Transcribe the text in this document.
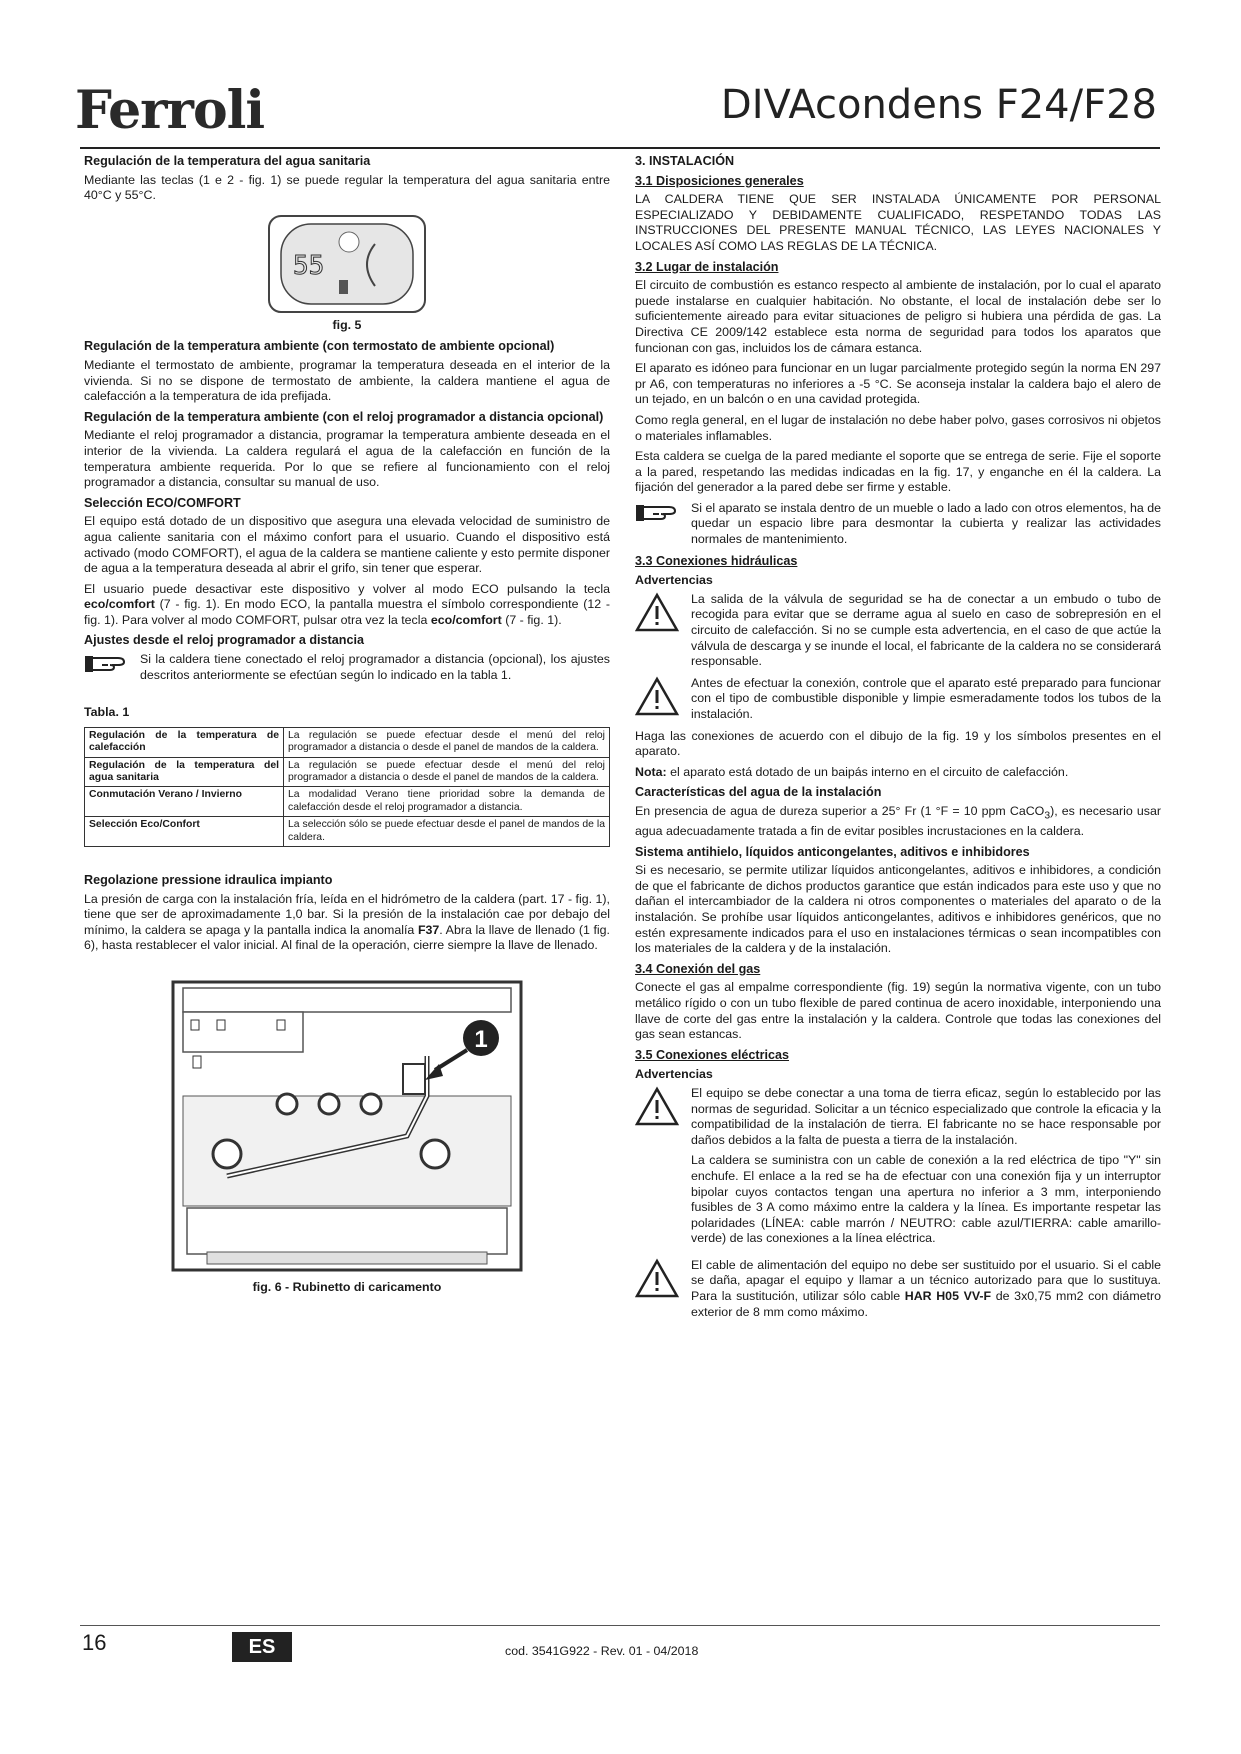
Ferroli	DIVAcondens F24/F28
Regulación de la temperatura del agua sanitaria

Mediante las teclas (1 e 2 - fig. 1) se puede regular la temperatura del agua sanitaria entre 40°C y 55°C.

55
fig. 5
Regulación de la temperatura ambiente (con termostato de ambiente opcional)

Mediante el termostato de ambiente, programar la temperatura deseada en el interior de la vivienda. Si no se dispone de termostato de ambiente, la caldera mantiene el agua de calefacción a la temperatura de ida prefijada.

Regulación de la temperatura ambiente (con el reloj programador a distancia opcional)

Mediante el reloj programador a distancia, programar la temperatura ambiente deseada en el interior de la vivienda. La caldera regulará el agua de la calefacción en función de la temperatura ambiente requerida. Por lo que se refiere al funcionamiento con el reloj programador a distancia, consultar su manual de uso.

Selección ECO/COMFORT

El equipo está dotado de un dispositivo que asegura una elevada velocidad de suministro de agua caliente sanitaria con el máximo confort para el usuario. Cuando el dispositivo está activado (modo COMFORT), el agua de la caldera se mantiene caliente y esto permite disponer de agua a la temperatura deseada al abrir el grifo, sin tener que esperar.

El usuario puede desactivar este dispositivo y volver al modo ECO pulsando la tecla eco/comfort (7 - fig. 1). En modo ECO, la pantalla muestra el símbolo correspondiente (12 - fig. 1). Para volver al modo COMFORT, pulsar otra vez la tecla eco/comfort (7 - fig. 1).

Ajustes desde el reloj programador a distancia
Si la caldera tiene conectado el reloj programador a distancia (opcional), los ajustes descritos anteriormente se efectúan según lo indicado en la tabla 1.
Tabla. 1
Regulación de la temperatura de calefacción	La regulación se puede efectuar desde el menú del reloj programador a distancia o desde el panel de mandos de la caldera.
Regulación de la temperatura del agua sanitaria	La regulación se puede efectuar desde el menú del reloj programador a distancia o desde el panel de mandos de la caldera.
Conmutación Verano / Invierno	La modalidad Verano tiene prioridad sobre la demanda de calefacción desde el reloj programador a distancia.
Selección Eco/Confort	La selección sólo se puede efectuar desde el panel de mandos de la caldera.
Regolazione pressione idraulica impianto

La presión de carga con la instalación fría, leída en el hidrómetro de la caldera (part. 17 - fig. 1), tiene que ser de aproximadamente 1,0 bar. Si la presión de la instalación cae por debajo del mínimo, la caldera se apaga y la pantalla indica la anomalía F37. Abra la llave de llenado (1 fig. 6), hasta restablecer el valor inicial. Al final de la operación, cierre siempre la llave de llenado.

1
fig. 6 - Rubinetto di caricamento
3. INSTALACIÓN
3.1 Disposiciones generales

LA CALDERA TIENE QUE SER INSTALADA ÚNICAMENTE POR PERSONAL ESPECIALIZADO Y DEBIDAMENTE CUALIFICADO, RESPETANDO TODAS LAS INSTRUCCIONES DEL PRESENTE MANUAL TÉCNICO, LAS LEYES NACIONALES Y LOCALES ASÍ COMO LAS REGLAS DE LA TÉCNICA.

3.2 Lugar de instalación

El circuito de combustión es estanco respecto al ambiente de instalación, por lo cual el aparato puede instalarse en cualquier habitación. No obstante, el local de instalación debe ser lo suficientemente aireado para evitar situaciones de peligro si hubiera una pérdida de gas. La Directiva CE 2009/142 establece esta norma de seguridad para todos los aparatos que funcionan con gas, incluidos los de cámara estanca.

El aparato es idóneo para funcionar en un lugar parcialmente protegido según la norma EN 297 pr A6, con temperaturas no inferiores a -5 °C. Se aconseja instalar la caldera bajo el alero de un tejado, en un balcón o en una cavidad protegida.

Como regla general, en el lugar de instalación no debe haber polvo, gases corrosivos ni objetos o materiales inflamables.

Esta caldera se cuelga de la pared mediante el soporte que se entrega de serie. Fije el soporte a la pared, respetando las medidas indicadas en la fig. 17, y enganche en él la caldera. La fijación del generador a la pared debe ser firme y estable.

Si el aparato se instala dentro de un mueble o lado a lado con otros elementos, ha de quedar un espacio libre para desmontar la cubierta y realizar las actividades normales de mantenimiento.
3.3 Conexiones hidráulicas
Advertencias
La salida de la válvula de seguridad se ha de conectar a un embudo o tubo de recogida para evitar que se derrame agua al suelo en caso de sobrepresión en el circuito de calefacción. Si no se cumple esta advertencia, en el caso de que actúe la válvula de descarga y se inunde el local, el fabricante de la caldera no se considerará responsable.
Antes de efectuar la conexión, controle que el aparato esté preparado para funcionar con el tipo de combustible disponible y limpie esmeradamente todos los tubos de la instalación.

Haga las conexiones de acuerdo con el dibujo de la fig. 19 y los símbolos presentes en el aparato.

Nota: el aparato está dotado de un baipás interno en el circuito de calefacción.

Características del agua de la instalación

En presencia de agua de dureza superior a 25° Fr (1 °F = 10 ppm CaCO$_3$), es necesario usar agua adecuadamente tratada a fin de evitar posibles incrustaciones en la caldera.

Sistema antihielo, líquidos anticongelantes, aditivos e inhibidores

Si es necesario, se permite utilizar líquidos anticongelantes, aditivos e inhibidores, a condición de que el fabricante de dichos productos garantice que están indicados para este uso y que no dañan el intercambiador de la caldera ni otros componentes o materiales del aparato o de la instalación. Se prohíbe usar líquidos anticongelantes, aditivos e inhibidores genéricos, que no estén expresamente indicados para el uso en instalaciones térmicas o sean incompatibles con los materiales de la caldera y de la instalación.

3.4 Conexión del gas

Conecte el gas al empalme correspondiente (fig. 19) según la normativa vigente, con un tubo metálico rígido o con un tubo flexible de pared continua de acero inoxidable, interponiendo una llave de corte del gas entre la instalación y la caldera. Controle que todas las conexiones del gas sean estancas.

3.5 Conexiones eléctricas
Advertencias

El equipo se debe conectar a una toma de tierra eficaz, según lo establecido por las normas de seguridad. Solicitar a un técnico especializado que controle la eficacia y la compatibilidad de la instalación de tierra. El fabricante no se hace responsable por daños debidos a la falta de puesta a tierra de la instalación.

La caldera se suministra con un cable de conexión a la red eléctrica de tipo "Y" sin enchufe. El enlace a la red se ha de efectuar con una conexión fija y un interruptor bipolar cuyos contactos tengan una apertura no inferior a 3 mm, interponiendo fusibles de 3 A como máximo entre la caldera y la línea. Es importante respetar las polaridades (LÍNEA: cable marrón / NEUTRO: cable azul/TIERRA: cable amarillo-verde) de las conexiones a la línea eléctrica.

El cable de alimentación del equipo no debe ser sustituido por el usuario. Si el cable se daña, apagar el equipo y llamar a un técnico autorizado para que lo sustituya. Para la sustitución, utilizar sólo cable HAR H05 VV-F de 3x0,75 mm2 con diámetro exterior de 8 mm como máximo.
16	ES	cod. 3541G922 - Rev. 01 - 04/2018
